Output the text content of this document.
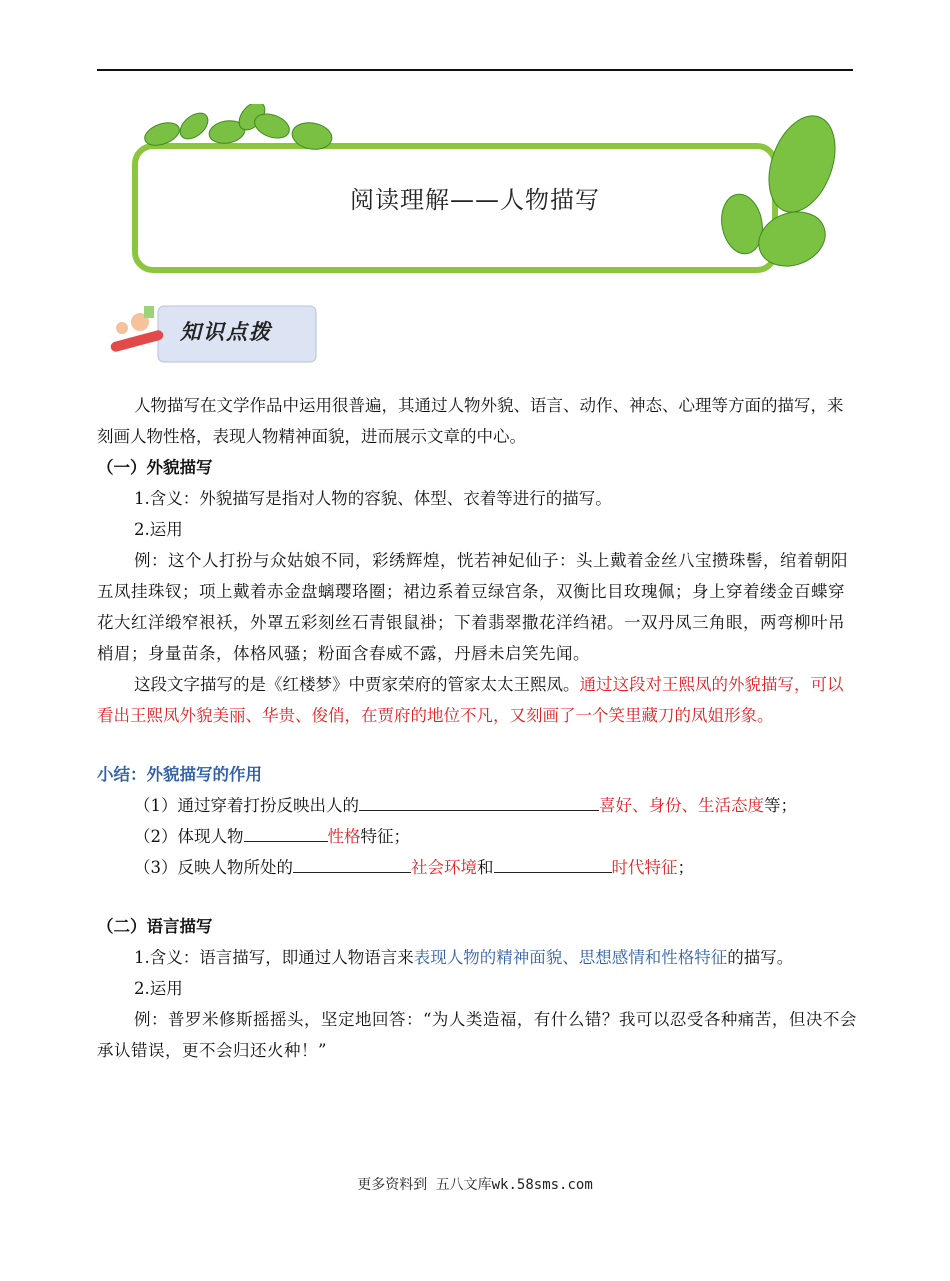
阅读理解——人物描写
知识点拨

人物描写在文学作品中运用很普遍，其通过人物外貌、语言、动作、神态、心理等方面的描写，来刻画人物性格，表现人物精神面貌，进而展示文章的中心。

（一）外貌描写

1.含义：外貌描写是指对人物的容貌、体型、衣着等进行的描写。

2.运用

例：这个人打扮与众姑娘不同，彩绣辉煌，恍若神妃仙子：头上戴着金丝八宝攒珠髻，绾着朝阳五凤挂珠钗；项上戴着赤金盘螭璎珞圈；裙边系着豆绿宫条，双衡比目玫瑰佩；身上穿着缕金百蝶穿花大红洋缎窄裉袄，外罩五彩刻丝石青银鼠褂；下着翡翠撒花洋绉裙。一双丹凤三角眼，两弯柳叶吊梢眉；身量苗条，体格风骚；粉面含春威不露，丹唇未启笑先闻。

这段文字描写的是《红楼梦》中贾家荣府的管家太太王熙凤。通过这段对王熙凤的外貌描写，可以看出王熙凤外貌美丽、华贵、俊俏，在贾府的地位不凡，又刻画了一个笑里藏刀的凤姐形象。

小结：外貌描写的作用

（1）通过穿着打扮反映出人的	喜好、身份、生活态度等；

（2）体现人物	性格特征；

（3）反映人物所处的	社会环境和	时代特征；

（二）语言描写

1.含义：语言描写，即通过人物语言来表现人物的精神面貌、思想感情和性格特征的描写。

2.运用

例：普罗米修斯摇摇头，坚定地回答：“为人类造福，有什么错？我可以忍受各种痛苦，但决不会承认错误，更不会归还火种！”

更多资料到 五八文库wk.58sms.com
